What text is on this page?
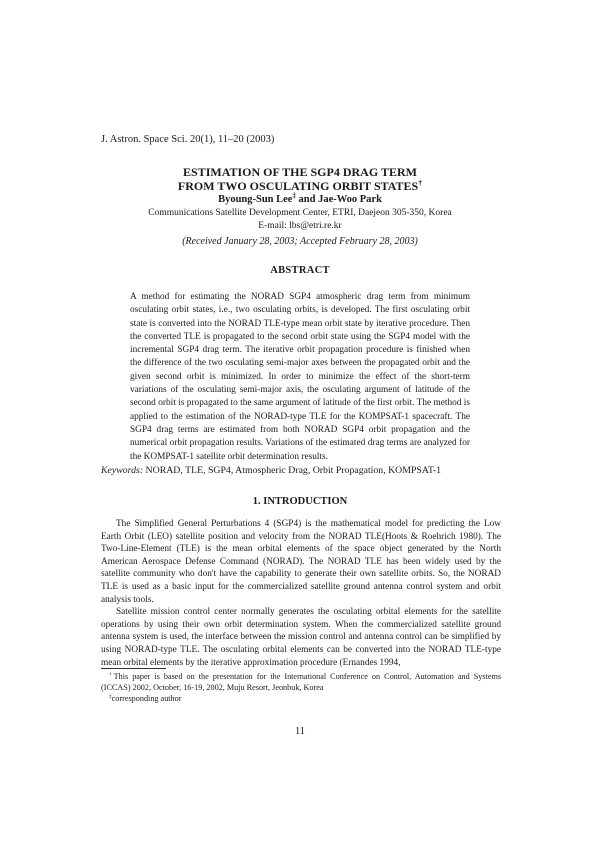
J. Astron. Space Sci. 20(1), 11–20 (2003)
ESTIMATION OF THE SGP4 DRAG TERM
FROM TWO OSCULATING ORBIT STATES†
Byoung-Sun Lee‡ and Jae-Woo Park
Communications Satellite Development Center, ETRI, Daejeon 305-350, Korea
E-mail: lbs@etri.re.kr
(Received January 28, 2003; Accepted February 28, 2003)
ABSTRACT
A method for estimating the NORAD SGP4 atmospheric drag term from minimum osculating orbit states, i.e., two osculating orbits, is developed. The first osculating orbit state is converted into the NORAD TLE-type mean orbit state by iterative procedure. Then the converted TLE is propagated to the second orbit state using the SGP4 model with the incremental SGP4 drag term. The iterative orbit propagation procedure is finished when the difference of the two osculating semi-major axes between the propagated orbit and the given second orbit is minimized. In order to minimize the effect of the short-term variations of the osculating semi-major axis, the osculating argument of latitude of the second orbit is propagated to the same argument of latitude of the first orbit. The method is applied to the estimation of the NORAD-type TLE for the KOMPSAT-1 spacecraft. The SGP4 drag terms are estimated from both NORAD SGP4 orbit propagation and the numerical orbit propagation results. Variations of the estimated drag terms are analyzed for the KOMPSAT-1 satellite orbit determination results.
Keywords: NORAD, TLE, SGP4, Atmospheric Drag, Orbit Propagation, KOMPSAT-1
1. INTRODUCTION

The Simplified General Perturbations 4 (SGP4) is the mathematical model for predicting the Low Earth Orbit (LEO) satellite position and velocity from the NORAD TLE(Hoots & Roehrich 1980). The Two-Line-Element (TLE) is the mean orbital elements of the space object generated by the North American Aerospace Defense Command (NORAD). The NORAD TLE has been widely used by the satellite community who don't have the capability to generate their own satellite orbits. So, the NORAD TLE is used as a basic input for the commercialized satellite ground antenna control system and orbit analysis tools.

Satellite mission control center normally generates the osculating orbital elements for the satellite operations by using their own orbit determination system. When the commercialized satellite ground antenna system is used, the interface between the mission control and antenna control can be simplified by using NORAD-type TLE. The osculating orbital elements can be converted into the NORAD TLE-type mean orbital elements by the iterative approximation procedure (Ernandes 1994,

†This paper is based on the presentation for the International Conference on Control, Automation and Systems (ICCAS) 2002, October, 16-19, 2002, Muju Resort, Jeonbuk, Korea

‡corresponding author

11
